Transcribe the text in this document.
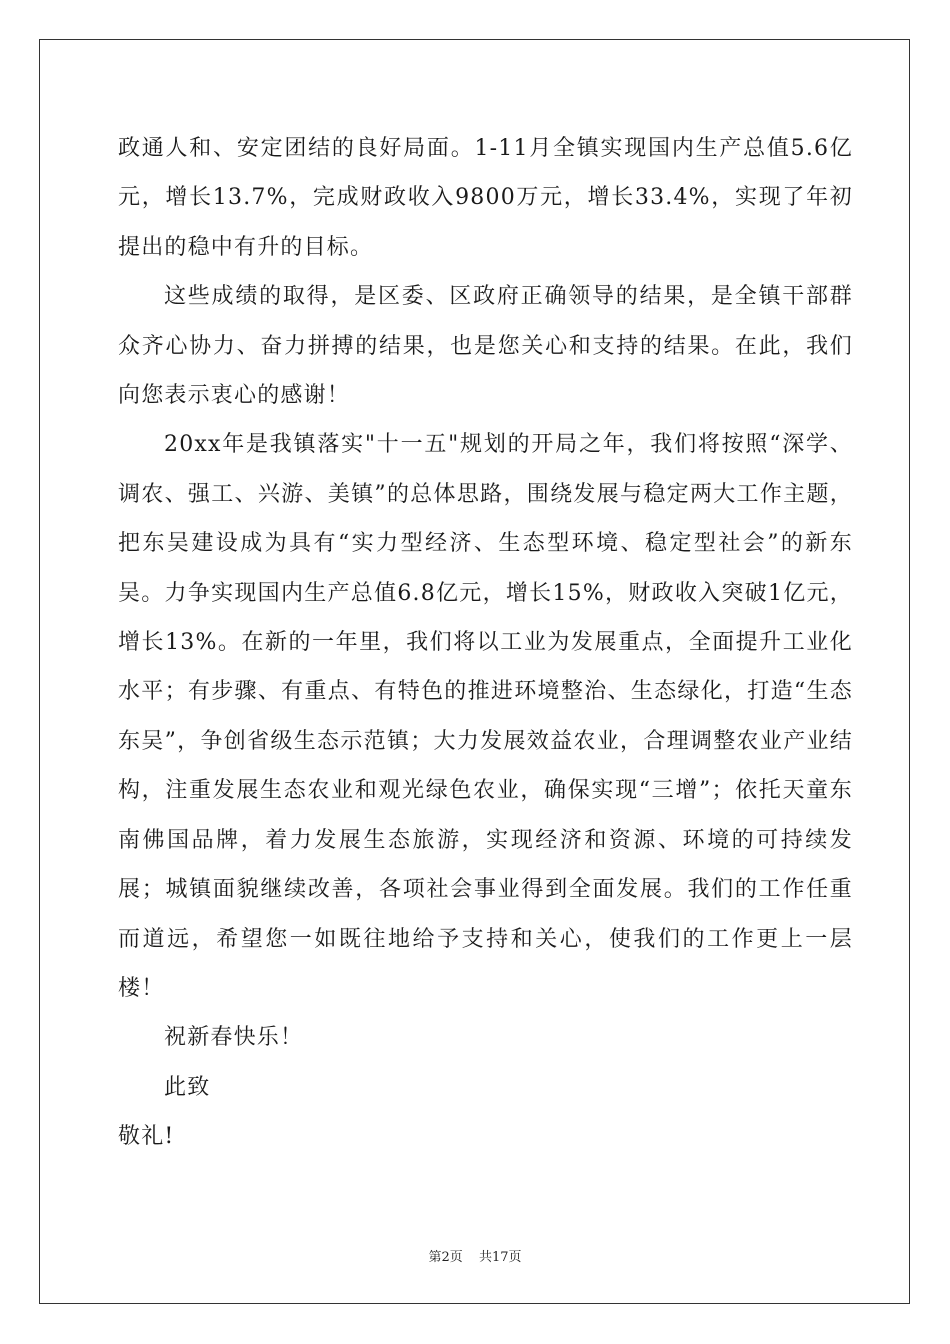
政通人和、安定团结的良好局面。1-11月全镇实现国内生产总值5.6亿元，增长13.7%，完成财政收入9800万元，增长33.4%，实现了年初提出的稳中有升的目标。

这些成绩的取得，是区委、区政府正确领导的结果，是全镇干部群众齐心协力、奋力拼搏的结果，也是您关心和支持的结果。在此，我们向您表示衷心的感谢！

20xx年是我镇落实"十一五"规划的开局之年，我们将按照“深学、调农、强工、兴游、美镇”的总体思路，围绕发展与稳定两大工作主题，把东吴建设成为具有“实力型经济、生态型环境、稳定型社会”的新东吴。力争实现国内生产总值6.8亿元，增长15%，财政收入突破1亿元，增长13%。在新的一年里，我们将以工业为发展重点，全面提升工业化水平；有步骤、有重点、有特色的推进环境整治、生态绿化，打造“生态东吴”，争创省级生态示范镇；大力发展效益农业，合理调整农业产业结构，注重发展生态农业和观光绿色农业，确保实现“三增”；依托天童东南佛国品牌，着力发展生态旅游，实现经济和资源、环境的可持续发展；城镇面貌继续改善，各项社会事业得到全面发展。我们的工作任重而道远，希望您一如既往地给予支持和关心，使我们的工作更上一层楼！

祝新春快乐！

此致

敬礼!

第2页 共17页
